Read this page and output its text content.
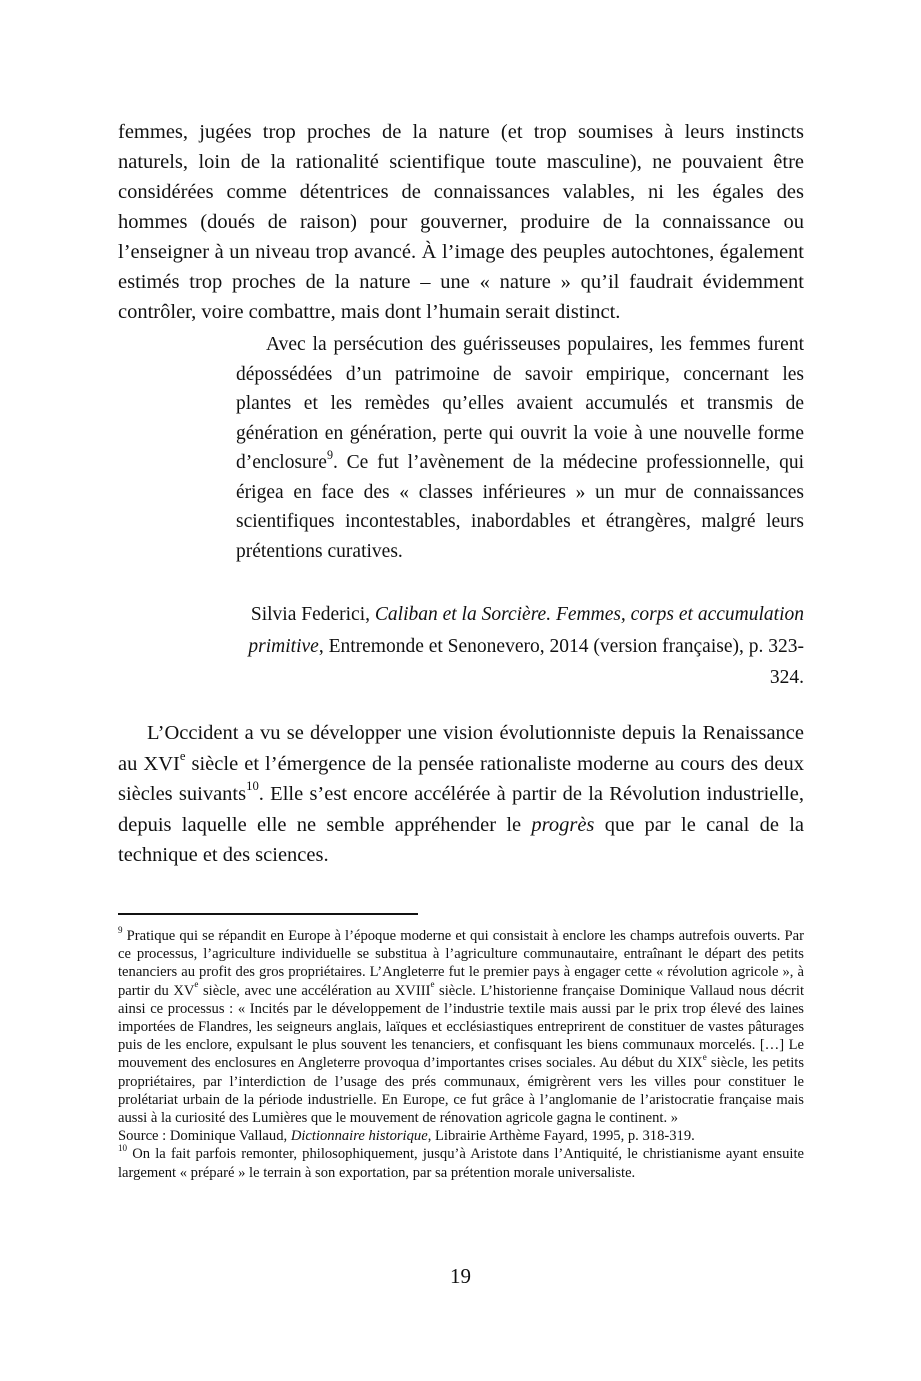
femmes, jugées trop proches de la nature (et trop soumises à leurs instincts naturels, loin de la rationalité scientifique toute masculine), ne pouvaient être considérées comme détentrices de connaissances valables, ni les égales des hommes (doués de raison) pour gouverner, produire de la connaissance ou l’enseigner à un niveau trop avancé. À l’image des peuples autochtones, également estimés trop proches de la nature – une « nature » qu’il faudrait évidemment contrôler, voire combattre, mais dont l’humain serait distinct.

Avec la persécution des guérisseuses populaires, les femmes furent dépossédées d’un patrimoine de savoir empirique, concernant les plantes et les remèdes qu’elles avaient accumulés et transmis de génération en génération, perte qui ouvrit la voie à une nouvelle forme d’enclosure$^9$. Ce fut l’avènement de la médecine professionnelle, qui érigea en face des « classes inférieures » un mur de connaissances scientifiques incontestables, inabordables et étrangères, malgré leurs prétentions curatives.

Silvia Federici, Caliban et la Sorcière. Femmes, corps et accumulation primitive, Entremonde et Senonevero, 2014 (version française), p. 323-324.

L’Occident a vu se développer une vision évolutionniste depuis la Renaissance au XVIe siècle et l’émergence de la pensée rationaliste moderne au cours des deux siècles suivants$^{10}$. Elle s’est encore accélérée à partir de la Révolution industrielle, depuis laquelle elle ne semble appréhender le progrès que par le canal de la technique et des sciences.

$^9$ Pratique qui se répandit en Europe à l’époque moderne et qui consistait à enclore les champs autrefois ouverts. Par ce processus, l’agriculture individuelle se substitua à l’agriculture communautaire, entraînant le départ des petits tenanciers au profit des gros propriétaires. L’Angleterre fut le premier pays à engager cette « révolution agricole », à partir du XVe siècle, avec une accélération au XVIIIe siècle. L’historienne française Dominique Vallaud nous décrit ainsi ce processus : « Incités par le développement de l’industrie textile mais aussi par le prix trop élevé des laines importées de Flandres, les seigneurs anglais, laïques et ecclésiastiques entreprirent de constituer de vastes pâturages puis de les enclore, expulsant le plus souvent les tenanciers, et confisquant les biens communaux morcelés. […] Le mouvement des enclosures en Angleterre provoqua d’importantes crises sociales. Au début du XIXe siècle, les petits propriétaires, par l’interdiction de l’usage des prés communaux, émigrèrent vers les villes pour constituer le prolétariat urbain de la période industrielle. En Europe, ce fut grâce à l’anglomanie de l’aristocratie française mais aussi à la curiosité des Lumières que le mouvement de rénovation agricole gagna le continent. »

Source : Dominique Vallaud, Dictionnaire historique, Librairie Arthème Fayard, 1995, p. 318-319.

$^{10}$ On la fait parfois remonter, philosophiquement, jusqu’à Aristote dans l’Antiquité, le christianisme ayant ensuite largement « préparé » le terrain à son exportation, par sa prétention morale universaliste.

19
